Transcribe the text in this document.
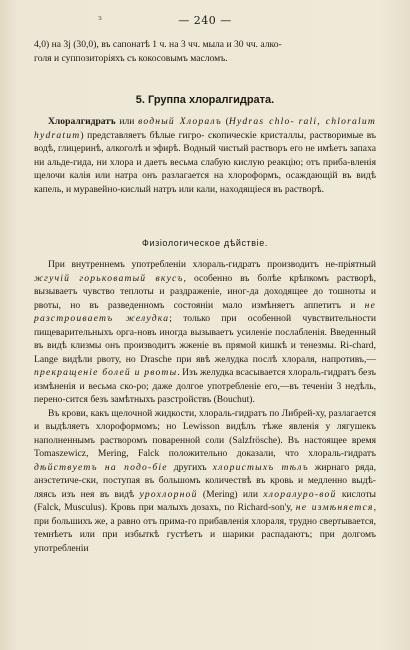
з	— 240 —

4,0) на 3j (30,0), въ сапонатѣ 1 ч. на 3 чч. мыла и 30 чч. алко-

голя и суппозиторіяхъ съ кокосовымъ масломъ.

5. Группа хлоралгидрата.

Хлоралгидратъ или водный Хлоралъ (Hydras chlo- rali, chloralum hydratum) представляетъ бѣлые гигро- скопическіе кристаллы, растворимые въ водѣ, глицеринѣ, алкоголѣ и эфирѣ. Водный чистый растворъ его не имѣетъ запаха ни альде-гида, ни хлора и даетъ весьма слабую кислую реакцію; отъ приба-вленія щелочи калія или натра онъ разлагается на хлороформъ, осаждающій въ видѣ капель, и муравейно-кислый натръ или кали, находящіеся въ растворѣ.

Физіологическое дѣйствіе.

При внутреннемъ употребленіи хлораль-гидратъ производитъ не-пріятный жгучій горьковатый вкусъ, особенно въ болѣе крѣпкомъ растворѣ, вызываетъ чувство теплоты и раздраженіе, иног-да доходящее до тошноты и рвоты, но въ разведенномъ состояніи мало измѣняетъ аппетитъ и не разстроиваетъ желудка; только при особенной чувствительности пищеварительныхъ орга-новъ иногда вызываетъ усиленіе послабленія. Введенный въ видѣ клизмы онъ производитъ жженіе въ прямой кишкѣ и тенезмы. Ri-chard, Lange видѣли рвоту, но Drasche при явѣ желудка послѣ хлораля, напротивъ,—прекращеніе болей и рвоты. Изъ желудка всасывается хлораль-гидратъ безъ измѣненія и весьма ско-ро; даже долгое употребленіе его,—въ теченіи 3 недѣль, перено-сится безъ замѣтныхъ разстройствъ (Bouchut).

Въ крови, какъ щелочной жидкости, хлораль-гидратъ по Либрей-ху, разлагается и выдѣляетъ хлороформомъ; но Lewisson видѣлъ тѣже явленія у лягушекъ наполненнымъ растворомъ поваренной соли (Salzfrösche). Въ настоящее время Tomaszewicz, Mering, Falck положительно доказали, что хлораль-гидратъ дѣйствуетъ на подо-біе другихъ хлористыхъ тѣлъ жирнаго ряда, анэстетиче-ски, поступая въ большомъ количествѣ въ кровь и медленно выдѣ-ляясь изъ нея въ видѣ урохлорной (Mering) или хлоралуро-вой кислоты (Falck, Musculus). Кровь при малыхъ дозахъ, по Richard-son'у, не измѣняется, при большихъ же, а равно отъ прима-го прибавленія хлораля, трудно свертывается, темнѣетъ или при избыткѣ густѣетъ и шарики распадаютъ; при долгомъ употребленіи
